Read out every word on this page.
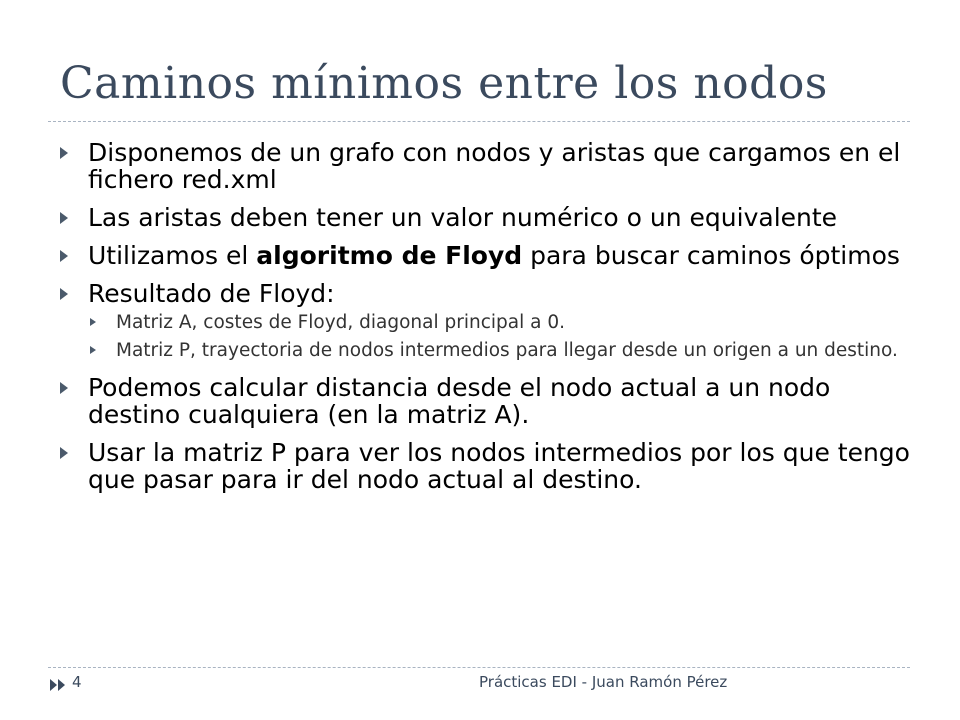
Caminos mínimos entre los nodos
Disponemos de un grafo con nodos y aristas que cargamos en el fichero red.xml
Las aristas deben tener un valor numérico o un equivalente
Utilizamos el algoritmo de Floyd para buscar caminos óptimos
Resultado de Floyd:
Matriz A, costes de Floyd, diagonal principal a 0.
Matriz P, trayectoria de nodos intermedios para llegar desde un origen a un destino.
Podemos calcular distancia desde el nodo actual a un nodo destino cualquiera (en la matriz A).
Usar la matriz P para ver los nodos intermedios por los que tengo que pasar para ir del nodo actual al destino.
4	Prácticas EDI - Juan Ramón Pérez
